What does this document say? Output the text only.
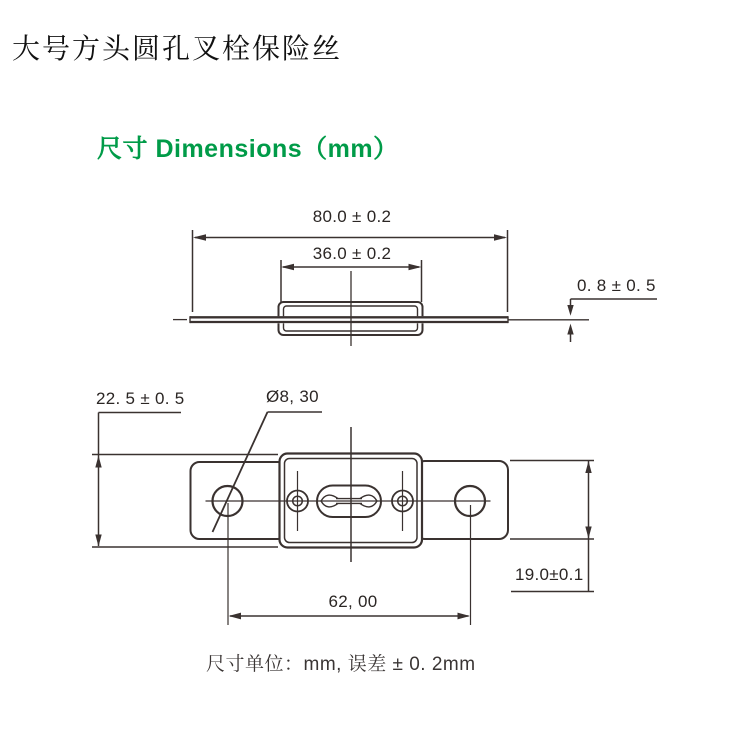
大号方头圆孔叉栓保险丝
尺寸 Dimensions（mm）
80.0 ± 0.2
36.0 ± 0.2
0. 8 ± 0. 5
22. 5 ± 0. 5	Ø8, 30
62, 00
19.0±0.1
尺寸单位：mm, 误差 ± 0. 2mm
